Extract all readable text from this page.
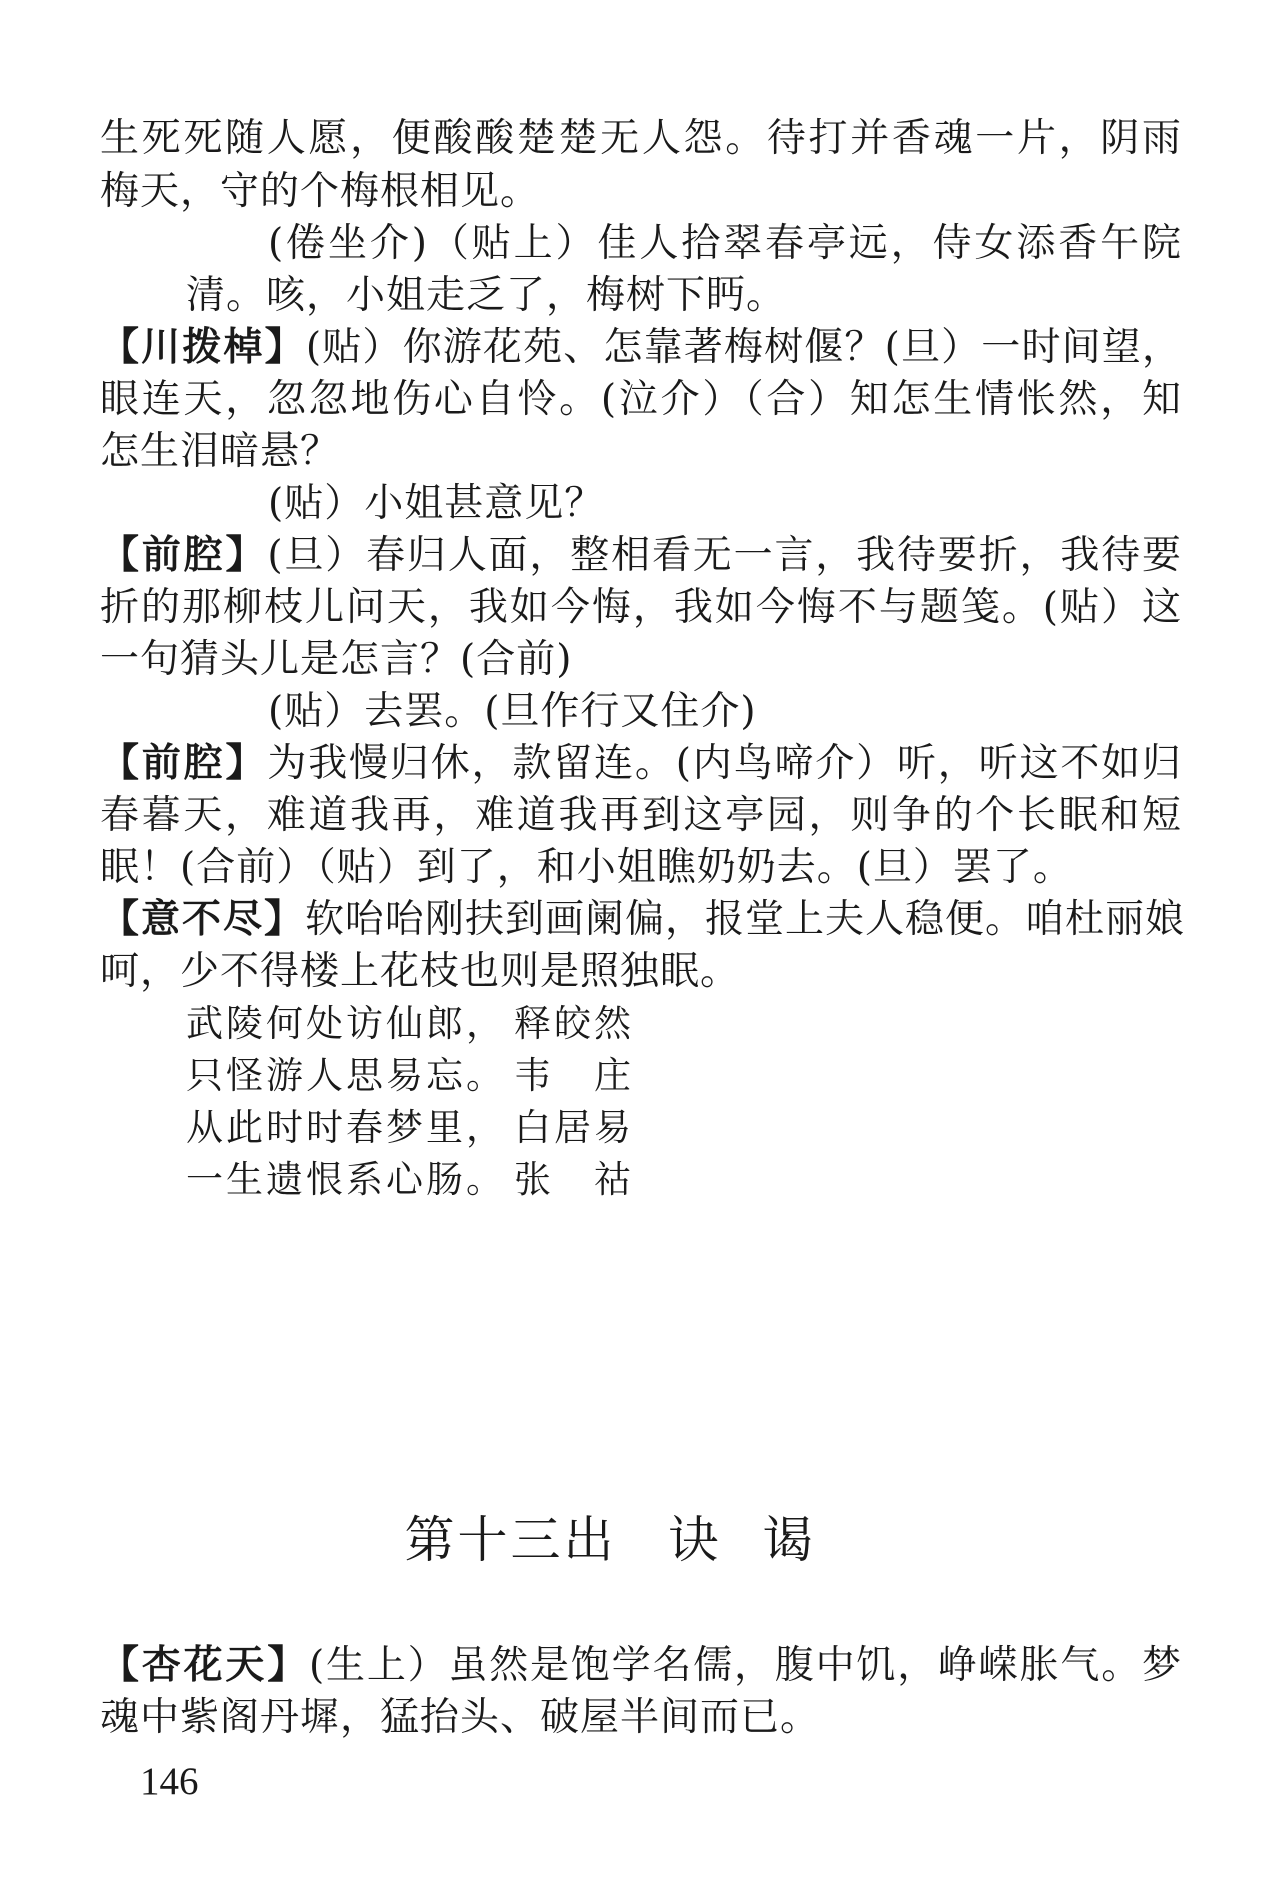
生死死随人愿，便酸酸楚楚无人怨。待打并香魂一片，阴雨
梅天，守的个梅根相见。
(倦坐介)（贴上）佳人拾翠春亭远，侍女添香午院
清。咳，小姐走乏了，梅树下眄。
【川拨棹】(贴）你游花苑、怎靠著梅树偃？(旦）一时间望，
眼连天，忽忽地伤心自怜。(泣介）（合）知怎生情怅然，知
怎生泪暗悬？
(贴）小姐甚意见？
【前腔】(旦）春归人面，整相看无一言，我待要折，我待要
折的那柳枝儿问天，我如今悔，我如今悔不与题笺。(贴）这
一句猜头儿是怎言？(合前)
(贴）去罢。(旦作行又住介)
【前腔】为我慢归休，款留连。(内鸟啼介）听，听这不如归
春暮天，难道我再，难道我再到这亭园，则争的个长眠和短
眠！(合前）（贴）到了，和小姐瞧奶奶去。(旦）罢了。
【意不尽】软咍咍刚扶到画阑偏，报堂上夫人稳便。咱杜丽娘
呵，少不得楼上花枝也则是照独眠。
武陵何处访仙郎， 释皎然
只怪游人思易忘。 韦　庄
从此时时春梦里， 白居易
一生遗恨系心肠。 张　祜
第十三出 诀谒
【杏花天】(生上）虽然是饱学名儒，腹中饥，峥嵘胀气。梦
魂中紫阁丹墀，猛抬头、破屋半间而已。
146
